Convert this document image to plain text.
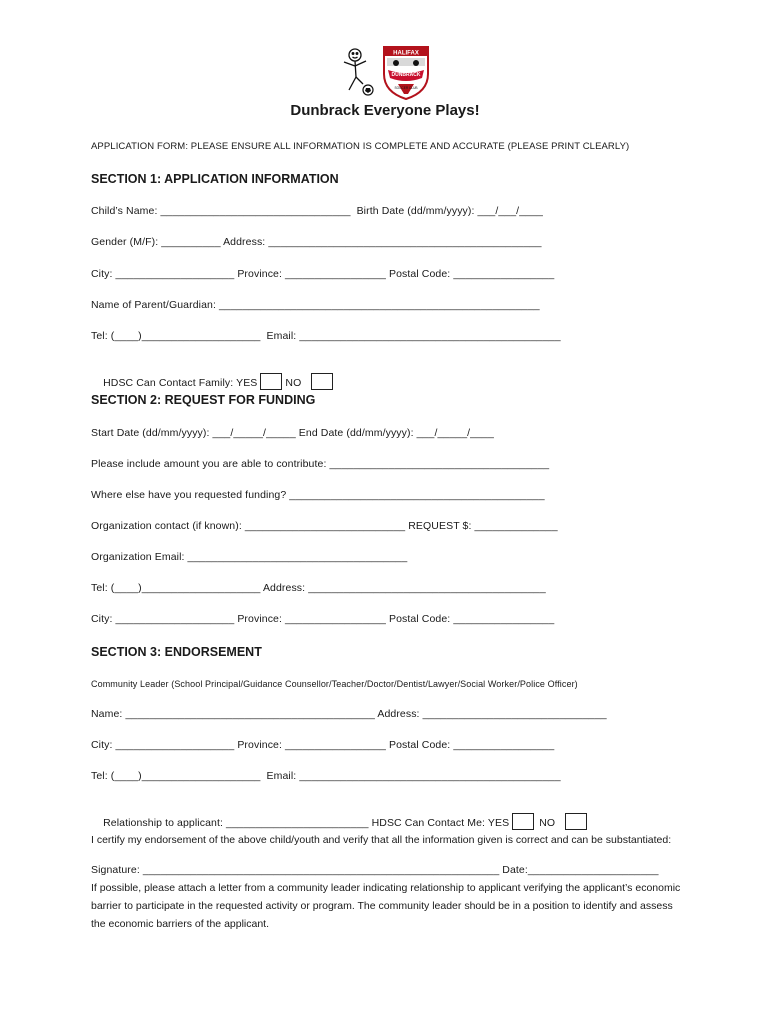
HALIFAX
DUNBRACK
SOCCER CLUB
Dunbrack Everyone Plays!
APPLICATION FORM: PLEASE ENSURE ALL INFORMATION IS COMPLETE AND ACCURATE (PLEASE PRINT CLEARLY)
SECTION 1: APPLICATION INFORMATION
Child’s Name: ________________________________  Birth Date (dd/mm/yyyy): ___/___/____
Gender (M/F): __________ Address: ______________________________________________
City: ____________________ Province: _________________ Postal Code: _________________
Name of Parent/Guardian: ______________________________________________________
Tel: (____)____________________  Email: ____________________________________________

HDSC Can Contact Family: YES	NO

SECTION 2: REQUEST FOR FUNDING
Start Date (dd/mm/yyyy): ___/_____/_____ End Date (dd/mm/yyyy): ___/_____/____
Please include amount you are able to contribute: _____________________________________
Where else have you requested funding? ___________________________________________
Organization contact (if known): ___________________________ REQUEST $: ______________
Organization Email: _____________________________________
Tel: (____)____________________ Address: ________________________________________
City: ____________________ Province: _________________ Postal Code: _________________
SECTION 3: ENDORSEMENT
Community Leader (School Principal/Guidance Counsellor/Teacher/Doctor/Dentist/Lawyer/Social Worker/Police Officer)
Name: __________________________________________ Address: _______________________________
City: ____________________ Province: _________________ Postal Code: _________________
Tel: (____)____________________  Email: ____________________________________________

Relationship to applicant: ________________________ HDSC Can Contact Me: YES	NO

I certify my endorsement of the above child/youth and verify that all the information given is correct and can be substantiated:
Signature: ____________________________________________________________ Date:______________________
If possible, please attach a letter from a community leader indicating relationship to applicant verifying the applicant’s economic barrier to participate in the requested activity or program. The community leader should be in a position to identify and assess the economic barriers of the applicant.
